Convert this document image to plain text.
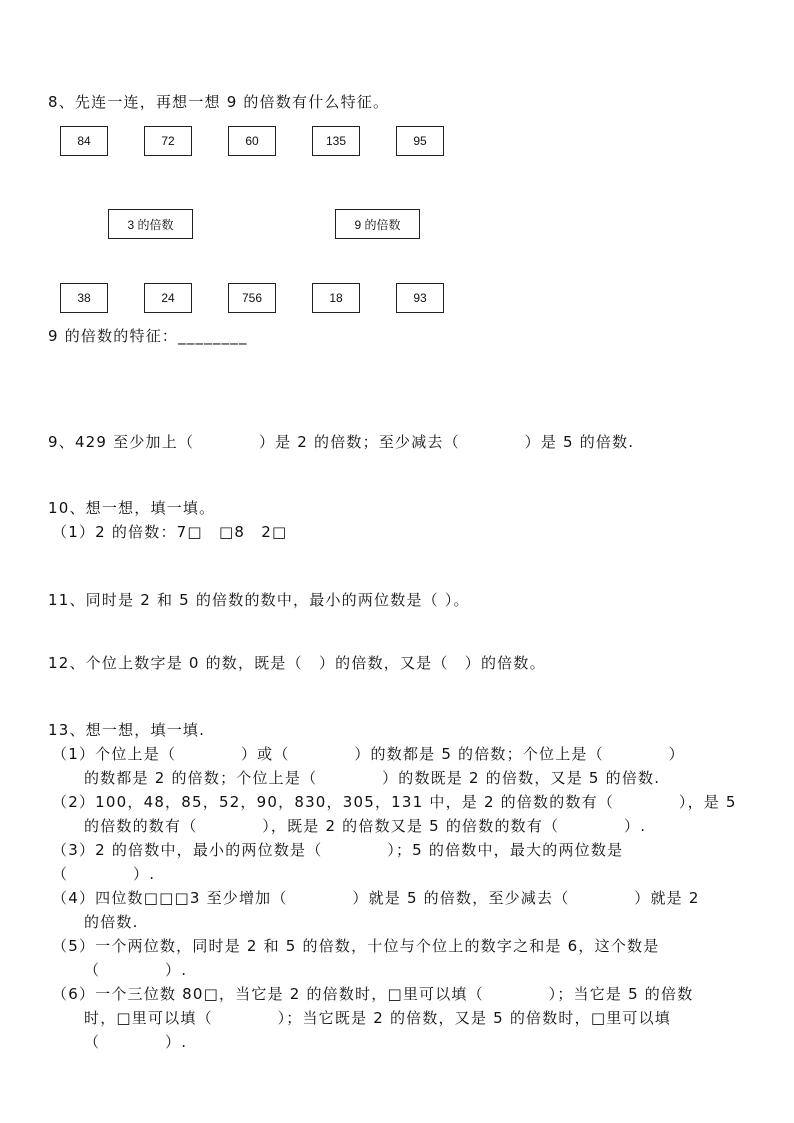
8、先连一连，再想一想 9 的倍数有什么特征。
84	72	60	135	95
3 的倍数	9 的倍数
38	24	756	18	93
9 的倍数的特征：________
9、429 至少加上（　　　　）是 2 的倍数；至少减去（　　　　）是 5 的倍数.
10、想一想，填一填。
（1）2 的倍数：7□　□8　2□
11、同时是 2 和 5 的倍数的数中，最小的两位数是（ ）。
12、个位上数字是 0 的数，既是（　）的倍数，又是（　）的倍数。
13、想一想，填一填.
（1）个位上是（　　　　）或（　　　　）的数都是 5 的倍数；个位上是（　　　　）
的数都是 2 的倍数；个位上是（　　　　）的数既是 2 的倍数，又是 5 的倍数.
（2）100，48，85，52，90，830，305，131 中，是 2 的倍数的数有（　　　　），是 5
的倍数的数有（　　　　），既是 2 的倍数又是 5 的倍数的数有（　　　　）.
（3）2 的倍数中，最小的两位数是（　　　　）；5 的倍数中，最大的两位数是
（　　　　）.
（4）四位数□□□3 至少增加（　　　　）就是 5 的倍数，至少减去（　　　　）就是 2
的倍数.
（5）一个两位数，同时是 2 和 5 的倍数，十位与个位上的数字之和是 6，这个数是
（　　　　）.
（6）一个三位数 80□，当它是 2 的倍数时，□里可以填（　　　　）；当它是 5 的倍数
时，□里可以填（　　　　）；当它既是 2 的倍数，又是 5 的倍数时，□里可以填
（　　　　）.
